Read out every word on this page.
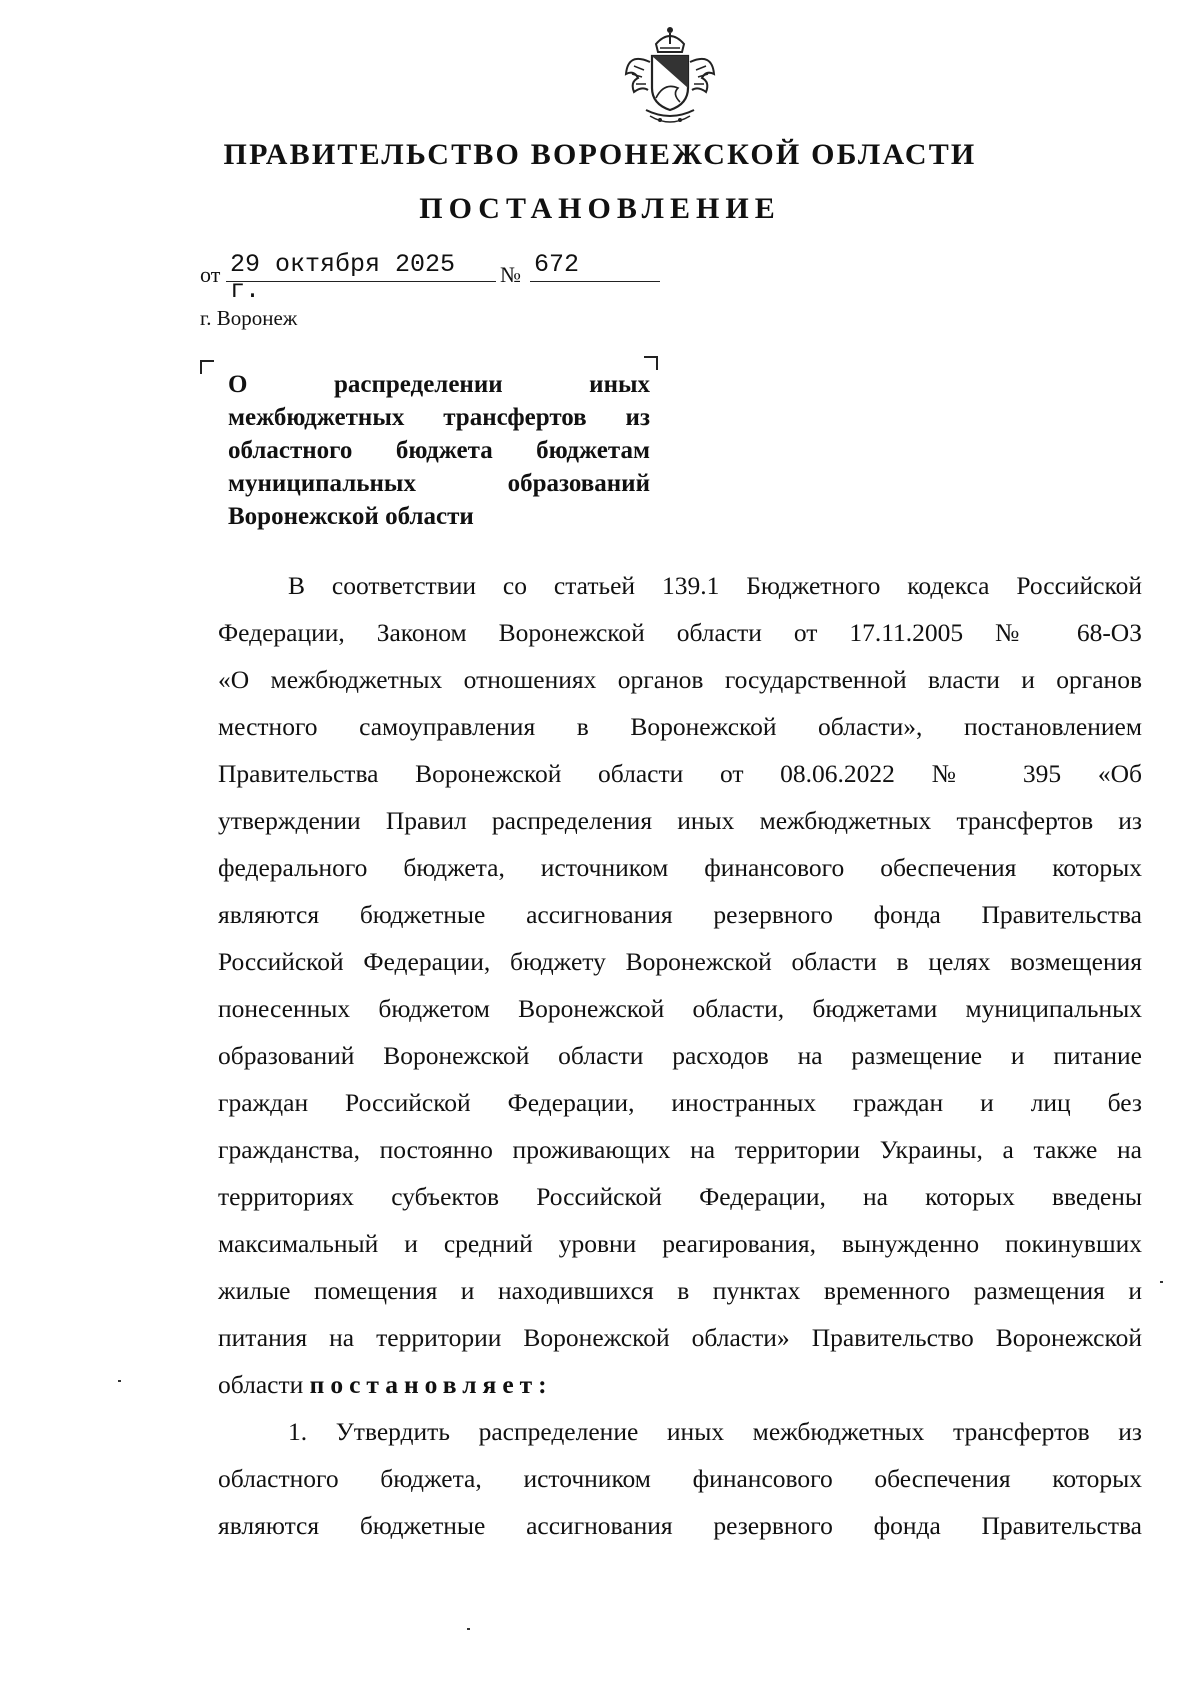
ПРАВИТЕЛЬСТВО ВОРОНЕЖСКОЙ ОБЛАСТИ
ПОСТАНОВЛЕНИЕ
от 29 октября 2025 г.
№ 672
г. Воронеж
О распределении иных
межбюджетных трансфертов из
областного бюджета бюджетам
муниципальных образований
Воронежской области
В соответствии со статьей 139.1 Бюджетного кодекса Российской
Федерации, Законом Воронежской области от 17.11.2005 № 68-ОЗ
«О межбюджетных отношениях органов государственной власти и органов
местного самоуправления в Воронежской области», постановлением
Правительства Воронежской области от 08.06.2022 № 395 «Об
утверждении Правил распределения иных межбюджетных трансфертов из
федерального бюджета, источником финансового обеспечения которых
являются бюджетные ассигнования резервного фонда Правительства
Российской Федерации, бюджету Воронежской области в целях возмещения
понесенных бюджетом Воронежской области, бюджетами муниципальных
образований Воронежской области расходов на размещение и питание
граждан Российской Федерации, иностранных граждан и лиц без
гражданства, постоянно проживающих на территории Украины, а также на
территориях субъектов Российской Федерации, на которых введены
максимальный и средний уровни реагирования, вынужденно покинувших
жилые помещения и находившихся в пунктах временного размещения и
питания на территории Воронежской области» Правительство Воронежской
области постановляет:
1. Утвердить распределение иных межбюджетных трансфертов из
областного бюджета, источником финансового обеспечения которых
являются бюджетные ассигнования резервного фонда Правительства
